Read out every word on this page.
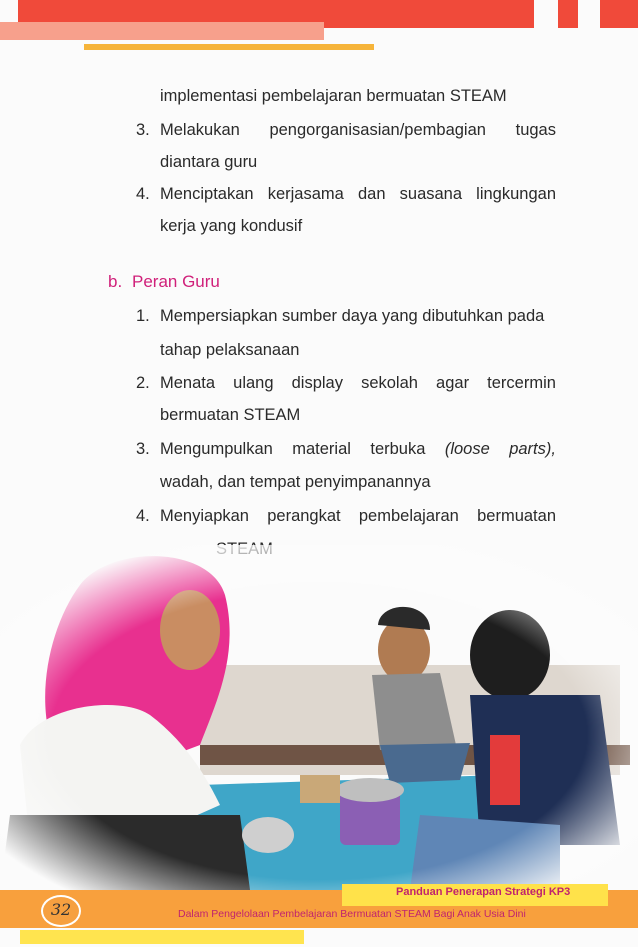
implementasi pembelajaran bermuatan STEAM
3. Melakukan pengorganisasian/pembagian tugas
diantara guru
4. Menciptakan kerjasama dan suasana lingkungan
kerja yang kondusif
b. Peran Guru
1. Mempersiapkan sumber daya yang dibutuhkan pada
tahap pelaksanaan
2. Menata ulang display sekolah agar tercermin
bermuatan STEAM
3. Mengumpulkan material terbuka (loose parts),
wadah, dan tempat penyimpanannya
4. Menyiapkan perangkat pembelajaran bermuatan
Panduan Penerapan Strategi KP3
Dalam Pengelolaan Pembelajaran Bermuatan STEAM Bagi Anak Usia Dini
32
